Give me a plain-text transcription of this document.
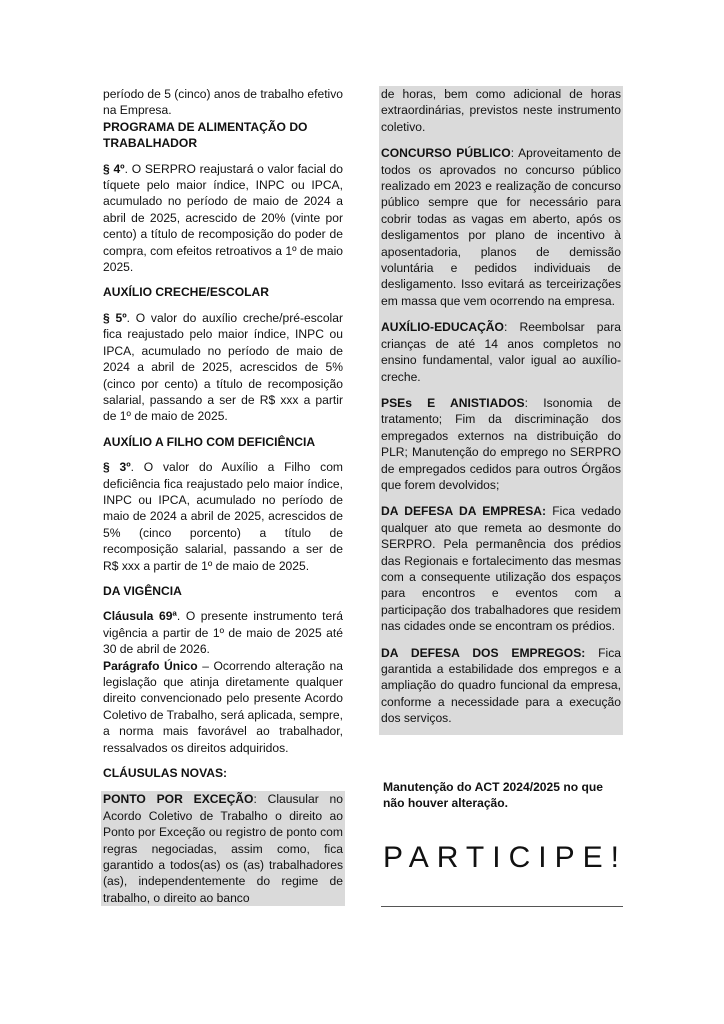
período de 5 (cinco) anos de trabalho efetivo na Empresa.

PROGRAMA DE ALIMENTAÇÃO DO TRABALHADOR

§ 4º. O SERPRO reajustará o valor facial do tíquete pelo maior índice, INPC ou IPCA, acumulado no período de maio de 2024 a abril de 2025, acrescido de 20% (vinte por cento) a título de recomposição do poder de compra, com efeitos retroativos a 1º de maio 2025.

AUXÍLIO CRECHE/ESCOLAR

§ 5º. O valor do auxílio creche/pré-escolar fica reajustado pelo maior índice, INPC ou IPCA, acumulado no período de maio de 2024 a abril de 2025, acrescidos de 5% (cinco por cento) a título de recomposição salarial, passando a ser de R$ xxx a partir de 1º de maio de 2025.

AUXÍLIO A FILHO COM DEFICIÊNCIA

§ 3º. O valor do Auxílio a Filho com deficiência fica reajustado pelo maior índice, INPC ou IPCA, acumulado no período de maio de 2024 a abril de 2025, acrescidos de 5% (cinco porcento) a título de recomposição salarial, passando a ser de R$ xxx a partir de 1º de maio de 2025.

DA VIGÊNCIA

Cláusula 69ª. O presente instrumento terá vigência a partir de 1º de maio de 2025 até 30 de abril de 2026.

Parágrafo Único – Ocorrendo alteração na legislação que atinja diretamente qualquer direito convencionado pelo presente Acordo Coletivo de Trabalho, será aplicada, sempre, a norma mais favorável ao trabalhador, ressalvados os direitos adquiridos.

CLÁUSULAS NOVAS:

PONTO POR EXCEÇÃO: Clausular no Acordo Coletivo de Trabalho o direito ao Ponto por Exceção ou registro de ponto com regras negociadas, assim como, fica garantido a todos(as) os (as) trabalhadores (as), independentemente do regime de trabalho, o direito ao banco

de horas, bem como adicional de horas extraordinárias, previstos neste instrumento coletivo.

CONCURSO PÚBLICO: Aproveitamento de todos os aprovados no concurso público realizado em 2023 e realização de concurso público sempre que for necessário para cobrir todas as vagas em aberto, após os desligamentos por plano de incentivo à aposentadoria, planos de demissão voluntária e pedidos individuais de desligamento. Isso evitará as terceirizações em massa que vem ocorrendo na empresa.

AUXÍLIO-EDUCAÇÃO: Reembolsar para crianças de até 14 anos completos no ensino fundamental, valor igual ao auxílio-creche.

PSEs E ANISTIADOS: Isonomia de tratamento; Fim da discriminação dos empregados externos na distribuição do PLR; Manutenção do emprego no SERPRO de empregados cedidos para outros Órgãos que forem devolvidos;

DA DEFESA DA EMPRESA: Fica vedado qualquer ato que remeta ao desmonte do SERPRO. Pela permanência dos prédios das Regionais e fortalecimento das mesmas com a consequente utilização dos espaços para encontros e eventos com a participação dos trabalhadores que residem nas cidades onde se encontram os prédios.

DA DEFESA DOS EMPREGOS: Fica garantida a estabilidade dos empregos e a ampliação do quadro funcional da empresa, conforme a necessidade para a execução dos serviços.

Manutenção do ACT 2024/2025 no que não houver alteração.

PARTICIPE!
